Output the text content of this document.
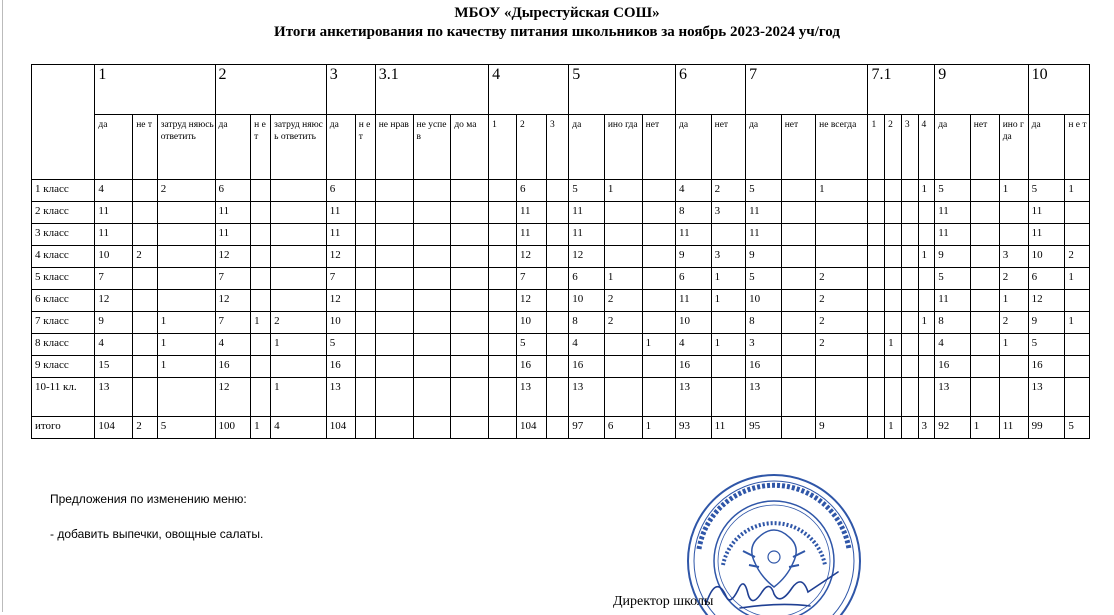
МБОУ «Дырестуйская СОШ»
Итоги анкетирования по качеству питания школьников за ноябрь 2023-2024 уч/год
	1			2			3		3.1			4			5			6		7			7.1				9			10	
	да	не т	затруд няюсь ответить	да	н е т	затруд няюсь ответить	да	н е т	не нрав	не успев	до ма	1	2	3	да	ино гда	нет	да	нет	да	нет	не всегда	1	2	3	4	да	нет	ино гда	да	н е т
1 класс	4		2	6			6						6		5	1		4	2	5		1				1	5		1	5	1
2 класс	11			11			11						11		11			8	3	11							11			11	
3 класс	11			11			11						11		11			11		11							11			11	
4 класс	10	2		12			12						12		12			9	3	9						1	9		3	10	2
5 класс	7			7			7						7		6	1		6	1	5		2					5		2	6	1
6 класс	12			12			12						12		10	2		11	1	10		2					11		1	12	
7 класс	9		1	7	1	2	10						10		8	2		10		8		2				1	8		2	9	1
8 класс	4		1	4		1	5						5		4		1	4	1	3		2		1			4		1	5	
9 класс	15		1	16			16						16		16			16		16							16			16	
10-11 кл.	13			12		1	13						13		13			13		13							13			13	
итого	104	2	5	100	1	4	104						104		97	6	1	93	11	95		9		1		3	92	1	11	99	5
Предложения по изменению меню:
- добавить выпечки, овощные салаты.
Директор школы
